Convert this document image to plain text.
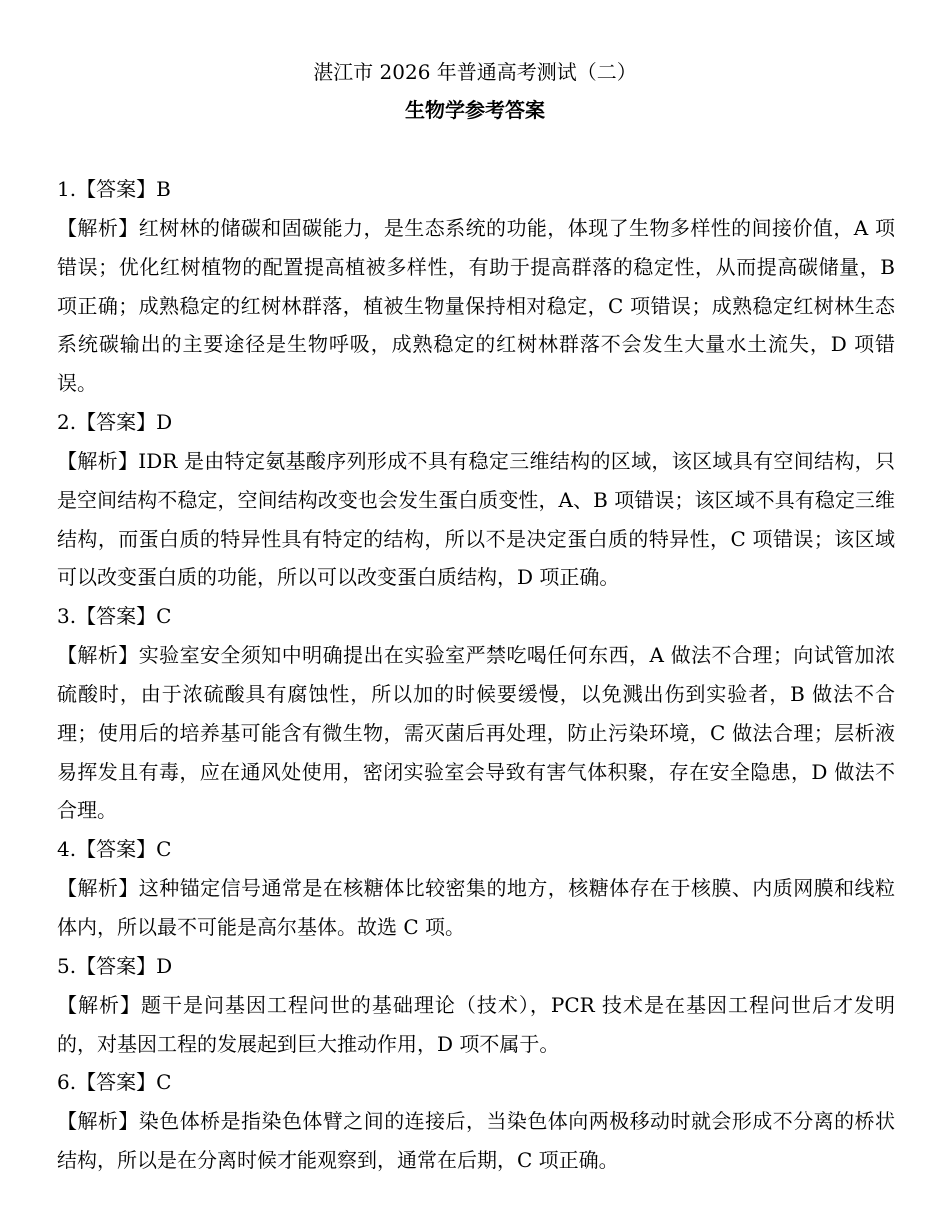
湛江市 2026 年普通高考测试（二）
生物学参考答案
1.【答案】B
【解析】红树林的储碳和固碳能力，是生态系统的功能，体现了生物多样性的间接价值，A 项错误；优化红树植物的配置提高植被多样性，有助于提高群落的稳定性，从而提高碳储量，B 项正确；成熟稳定的红树林群落，植被生物量保持相对稳定，C 项错误；成熟稳定红树林生态系统碳输出的主要途径是生物呼吸，成熟稳定的红树林群落不会发生大量水土流失，D 项错误。
2.【答案】D
【解析】IDR 是由特定氨基酸序列形成不具有稳定三维结构的区域，该区域具有空间结构，只是空间结构不稳定，空间结构改变也会发生蛋白质变性，A、B 项错误；该区域不具有稳定三维结构，而蛋白质的特异性具有特定的结构，所以不是决定蛋白质的特异性，C 项错误；该区域可以改变蛋白质的功能，所以可以改变蛋白质结构，D 项正确。
3.【答案】C
【解析】实验室安全须知中明确提出在实验室严禁吃喝任何东西，A 做法不合理；向试管加浓硫酸时，由于浓硫酸具有腐蚀性，所以加的时候要缓慢，以免溅出伤到实验者，B 做法不合理；使用后的培养基可能含有微生物，需灭菌后再处理，防止污染环境，C 做法合理；层析液易挥发且有毒，应在通风处使用，密闭实验室会导致有害气体积聚，存在安全隐患，D 做法不合理。
4.【答案】C
【解析】这种锚定信号通常是在核糖体比较密集的地方，核糖体存在于核膜、内质网膜和线粒体内，所以最不可能是高尔基体。故选 C 项。
5.【答案】D
【解析】题干是问基因工程问世的基础理论（技术），PCR 技术是在基因工程问世后才发明的，对基因工程的发展起到巨大推动作用，D 项不属于。
6.【答案】C
【解析】染色体桥是指染色体臂之间的连接后，当染色体向两极移动时就会形成不分离的桥状结构，所以是在分离时候才能观察到，通常在后期，C 项正确。
